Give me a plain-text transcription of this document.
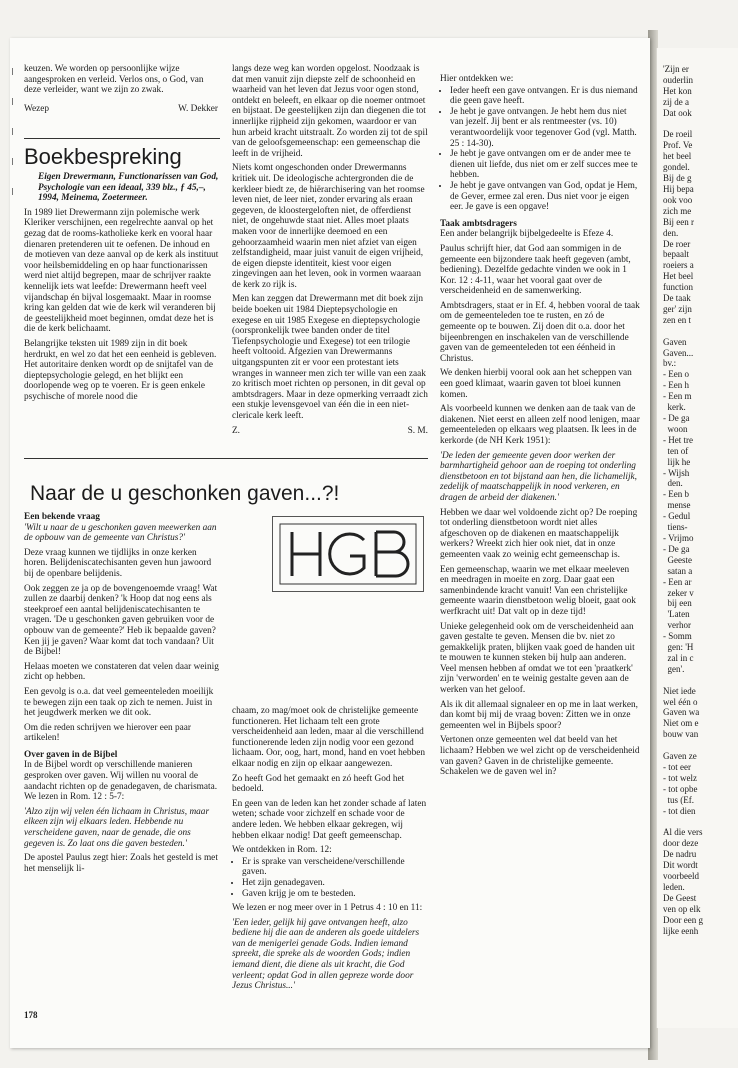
keuzen. We worden op persoonlijke wijze aangesproken en verleid. Verlos ons, o God, van deze verleider, want we zijn zo zwak.

Wezep	W. Dekker
Boekbespreking

Eigen Drewermann, Functionarissen van God, Psychologie van een ideaal, 339 blz., ƒ 45,–, 1994, Meinema, Zoetermeer.

In 1989 liet Drewermann zijn polemische werk Kleriker verschijnen, een regelrechte aanval op het gezag dat de rooms-katholieke kerk en vooral haar dienaren pretenderen uit te oefenen. De inhoud en de motieven van deze aanval op de kerk als instituut voor heilsbemiddeling en op haar functionarissen werd niet altijd begrepen, maar de schrijver raakte kennelijk iets wat leefde: Drewermann heeft veel vijandschap én bijval losgemaakt. Maar in roomse kring kan gelden dat wie de kerk wil veranderen bij de geestelijkheid moet beginnen, omdat deze het is die de kerk belichaamt.

Belangrijke teksten uit 1989 zijn in dit boek herdrukt, en wel zo dat het een eenheid is gebleven. Het autoritaire denken wordt op de snijtafel van de dieptepsychologie gelegd, en het blijkt een doorlopende weg op te voeren. Er is geen enkele psychische of morele nood die

langs deze weg kan worden opgelost. Noodzaak is dat men vanuit zijn diepste zelf de schoonheid en waarheid van het leven dat Jezus voor ogen stond, ontdekt en beleeft, en elkaar op die noemer ontmoet en bijstaat. De geestelijken zijn dan diegenen die tot innerlijke rijpheid zijn gekomen, waardoor er van hun arbeid kracht uitstraalt. Zo worden zij tot de spil van de geloofsgemeenschap: een gemeenschap die leeft in de vrijheid.

Niets komt ongeschonden onder Drewermanns kritiek uit. De ideologische achtergronden die de kerkleer biedt ze, de hiërarchisering van het roomse leven niet, de leer niet, zonder ervaring als eraan gegeven, de kloostergeloften niet, de offerdienst niet, de ongehuwde staat niet. Alles moet plaats maken voor de innerlijke deemoed en een gehoorzaamheid waarin men niet afziet van eigen zelfstandigheid, maar juist vanuit de eigen vrijheid, de eigen diepste identiteit, kiest voor eigen zingevingen aan het leven, ook in vormen waaraan de kerk zo rijk is.

Men kan zeggen dat Drewermann met dit boek zijn beide boeken uit 1984 Dieptepsychologie en exegese en uit 1985 Exegese en dieptepsychologie (oorspronkelijk twee banden onder de titel Tiefenpsychologie und Exegese) tot een trilogie heeft voltooid. Afgezien van Drewermanns uitgangspunten zit er voor een protestant iets wranges in wanneer men zich ter wille van een zaak zo kritisch moet richten op personen, in dit geval op ambtsdragers. Maar in deze opmerking verraadt zich een stukje levensgevoel van één die in een niet-clericale kerk leeft.

Z.	S. M.
Naar de u geschonken gaven...?!

Een bekende vraag

'Wilt u naar de u geschonken gaven meewerken aan de opbouw van de gemeente van Christus?'

Deze vraag kunnen we tijdlijks in onze kerken horen. Belijdeniscatechisanten geven hun jawoord bij de openbare belijdenis.

Ook zeggen ze ja op de bovengenoemde vraag! Wat zullen ze daarbij denken? 'k Hoop dat nog eens als steekproef een aantal belijdeniscatechisanten te vragen. 'De u geschonken gaven gebruiken voor de opbouw van de gemeente?' Heb ik bepaalde gaven? Ken jij je gaven? Waar komt dat toch vandaan? Uit de Bijbel!

Helaas moeten we constateren dat velen daar weinig zicht op hebben.

Een gevolg is o.a. dat veel gemeenteleden moeilijk te bewegen zijn een taak op zich te nemen. Juist in het jeugdwerk merken we dit ook.

Om die reden schrijven we hierover een paar artikelen!

Over gaven in de Bijbel

In de Bijbel wordt op verschillende manieren gesproken over gaven. Wij willen nu vooral de aandacht richten op de genadegaven, de charismata. We lezen in Rom. 12 : 5-7:

'Alzo zijn wij velen één lichaam in Christus, maar elkeen zijn wij elkaars leden. Hebbende nu verscheidene gaven, naar de genade, die ons gegeven is. Zo laat ons die gaven besteden.'

De apostel Paulus zegt hier: Zoals het gesteld is met het menselijk li-

chaam, zo mag/moet ook de christelijke gemeente functioneren. Het lichaam telt een grote verscheidenheid aan leden, maar al die verschillend functionerende leden zijn nodig voor een gezond lichaam. Oor, oog, hart, mond, hand en voet hebben elkaar nodig en zijn op elkaar aangewezen.

Zo heeft God het gemaakt en zó heeft God het bedoeld.

En geen van de leden kan het zonder schade af laten weten; schade voor zichzelf en schade voor de andere leden. We hebben elkaar gekregen, wij hebben elkaar nodig! Dat geeft gemeenschap.

We ontdekken in Rom. 12:

• Er is sprake van verscheidene/verschillende gaven.
• Het zijn genadegaven.
• Gaven krijg je om te besteden.

We lezen er nog meer over in 1 Petrus 4 : 10 en 11:

'Een ieder, gelijk hij gave ontvangen heeft, alzo bediene hij die aan de anderen als goede uitdelers van de menigerlei genade Gods. Indien iemand spreekt, die spreke als de woorden Gods; indien iemand dient, die diene als uit kracht, die God verleent; opdat God in allen gepreze worde door Jezus Christus...'

Hier ontdekken we:

• Ieder heeft een gave ontvangen. Er is dus niemand die geen gave heeft.
• Je hebt je gave ontvangen. Je hebt hem dus niet van jezelf. Jij bent er als rentmeester (vs. 10) verantwoordelijk voor tegenover God (vgl. Matth. 25 : 14-30).
• Je hebt je gave ontvangen om er de ander mee te dienen uit liefde, dus niet om er zelf succes mee te hebben.
• Je hebt je gave ontvangen van God, opdat je Hem, de Gever, ermee zal eren. Dus niet voor je eigen eer. Je gave is een opgave!

Taak ambtsdragers

Een ander belangrijk bijbelgedeelte is Efeze 4.

Paulus schrijft hier, dat God aan sommigen in de gemeente een bijzondere taak heeft gegeven (ambt, bediening). Dezelfde gedachte vinden we ook in 1 Kor. 12 : 4-11, waar het vooral gaat over de verscheidenheid en de samenwerking.

Ambtsdragers, staat er in Ef. 4, hebben vooral de taak om de gemeenteleden toe te rusten, en zó de gemeente op te bouwen. Zij doen dit o.a. door het bijeenbrengen en inschakelen van de verschillende gaven van de gemeenteleden tot een éénheid in Christus.

We denken hierbij vooral ook aan het scheppen van een goed klimaat, waarin gaven tot bloei kunnen komen.

Als voorbeeld kunnen we denken aan de taak van de diakenen. Niet eerst en alleen zelf nood lenigen, maar gemeenteleden op elkaars weg plaatsen. Ik lees in de kerkorde (de NH Kerk 1951):

'De leden der gemeente geven door werken der barmhartigheid gehoor aan de roeping tot onderling dienstbetoon en tot bijstand aan hen, die lichamelijk, zedelijk of maatschappelijk in nood verkeren, en dragen de arbeid der diakenen.'

Hebben we daar wel voldoende zicht op? De roeping tot onderling dienstbetoon wordt niet alles afgeschoven op de diakenen en maatschappelijk werkers? Wreekt zich hier ook niet, dat in onze gemeenten vaak zo weinig echt gemeenschap is.

Een gemeenschap, waarin we met elkaar meeleven en meedragen in moeite en zorg. Daar gaat een samenbindende kracht vanuit! Van een christelijke gemeente waarin dienstbetoon welig bloeit, gaat ook werfkracht uit! Dat valt op in deze tijd!

Unieke gelegenheid ook om de verscheidenheid aan gaven gestalte te geven. Mensen die bv. niet zo gemakkelijk praten, blijken vaak goed de handen uit te mouwen te kunnen steken bij hulp aan anderen. Veel mensen hebben af omdat we tot een 'praatkerk' zijn 'verworden' en te weinig gestalte geven aan de werken van het geloof.

Als ik dit allemaal signaleer en op me in laat werken, dan komt bij mij de vraag boven: Zitten we in onze gemeenten wel in Bijbels spoor?

Vertonen onze gemeenten wel dat beeld van het lichaam? Hebben we wel zicht op de verscheidenheid van gaven? Gaven in de christelijke gemeente. Schakelen we de gaven wel in?

178
'Zijn er
ouderlin
Het kon
zij de a
Dat ook

De roeil
Prof. Ve
het beel
gondel.
Bij de g
Hij bepa
ook voo
zich me
Bij een r
den.
De roer
bepaalt
roeiers a
Het beel
function
De taak
ger' zijn
zen en t

Gaven
Gaven...
bv.:
- Een o
- Een h
- Een m
kerk.
- De ga
woon
- Het tre
ten of
lijk he
- Wijsh
den.
- Een b
mense
- Gedul
tiens-
- Vrijmo
- De ga
Geeste
satan a
- Een ar
zeker v
bij een
'Laten
verhor
- Somm
gen: 'H
zal in c
gen'.

Niet iede
wel één o
Gaven wa
Niet om e
bouw van

Gaven ze
- tot eer
- tot welz
- tot opbe
tus (Ef.
- tot dien

Al die vers
door deze
De nadru
Dit wordt
voorbeeld
leden.
De Geest
ven op elk
Door een g
lijke eenh
